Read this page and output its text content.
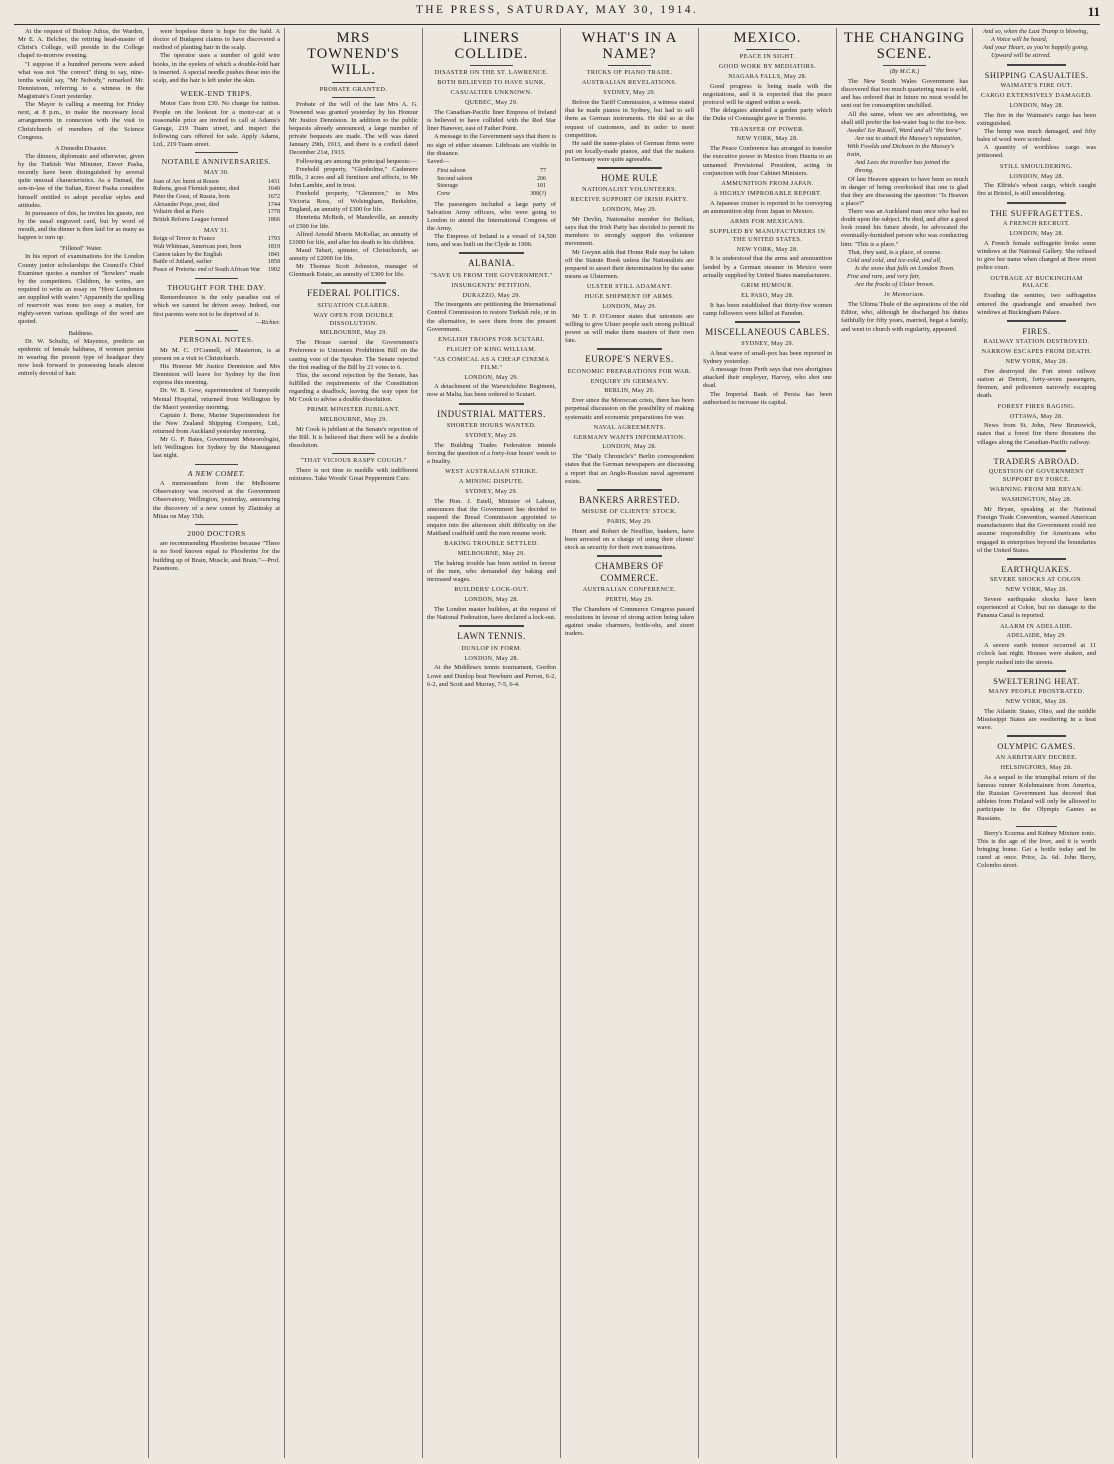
THE PRESS, SATURDAY, MAY 30, 1914.	11

At the request of Bishop Julius, the Warden, Mr E. A. Belcher, the retiring head-master of Christ's College, will preside in the College chapel to-morrow evening.

"I suppose if a hundred persons were asked what was not "the correct" thing to say, nine-tenths would say, "Mr Nobody," remarked Mr. Dennistoun, referring to a witness in the Magistrate's Court yesterday.

The Mayor is calling a meeting for Friday next, at 8 p.m., to make the necessary local arrangements in connexion with the visit to Christchurch of members of the Science Congress.

A Dunedin Disaster.

The dinners, diplomatic and otherwise, given by the Turkish War Minister, Enver Pasha, recently have been distinguished by several quite unusual characteristics. As a Damad, the son-in-law of the Sultan, Enver Pasha considers himself entitled to adopt peculiar styles and attitudes.

In pursuance of this, he invites his guests, not by the usual engraved card, but by word of mouth, and the dinner is then laid for as many as happen to turn up.

"Filleted" Water.

In his report of examinations for the London County junior scholarships the Council's Chief Examiner quotes a number of "howlers" made by the competitors. Children, he writes, are required to write an essay on "How Londoners are supplied with water." Apparently the spelling of reservoir was none too easy a matter, for eighty-seven various spellings of the word are quoted.

Baldness.

Dr. W. Schultz, of Mayence, predicts an epidemic of female baldness, if women persist in wearing the present type of headgear they now look forward to possessing heads almost entirely devoid of hair.

were hopeless there is hope for the bald. A doctor of Budapest claims to have discovered a method of planting hair in the scalp.

The operator uses a number of gold wire hooks, in the eyelets of which a double-fold hair is inserted. A special needle pushes these into the scalp, and the hair is left under the skin.

WEEK-END TRIPS.

Motor Cars from £30. No charge for tuition. People on the lookout for a motor-car at a reasonable price are invited to call at Adams's Garage, 219 Tuam street, and inspect the following cars offered for sale. Apply Adams, Ltd., 219 Tuam street.

NOTABLE ANNIVERSARIES.
MAY 30.
Joan of Arc burnt at Rouen	1431
Rubens, great Flemish painter, died	1640
Peter the Great, of Russia, born	1672
Alexander Pope, poet, died	1744
Voltaire died at Paris	1778
British Reform League formed	1866
MAY 31.
Reign of Terror in France	1793
Walt Whitman, American poet, born	1819
Canton taken by the English	1841
Battle of Jutland, earlier	1858
Peace of Pretoria: end of South African War 1902
THOUGHT FOR THE DAY.

Remembrance is the only paradise out of which we cannot be driven away. Indeed, our first parents were not to be deprived of it.

—Richter.
PERSONAL NOTES.

Mr M. C. O'Connell, of Masterton, is at present on a visit to Christchurch.

His Honour Mr Justice Denniston and Mrs Denniston will leave for Sydney by the first express this morning.

Dr. W. B. Gow, superintendent of Sunnyside Mental Hospital, returned from Wellington by the Maori yesterday morning.

Captain J. Bone, Marine Superintendent for the New Zealand Shipping Company, Ltd., returned from Auckland yesterday morning.

Mr G. P. Bates, Government Meteorologist, left Wellington for Sydney by the Manuganui last night.

A NEW COMET.

A memorandum from the Melbourne Observatory was received at the Government Observatory, Wellington, yesterday, announcing the discovery of a new comet by Zlatinsky at Mitau on May 15th.

2000 DOCTORS

are recommending Phosferine because "There is no food known equal to Phosferine for the building up of Brain, Muscle, and Brain."—Prof. Passmore.

MRS TOWNEND'S WILL.
PROBATE GRANTED.

Probate of the will of the late Mrs A. G. Townend was granted yesterday by his Honour Mr Justice Denniston. In addition to the public bequests already announced, a large number of private bequests are made. The will was dated January 29th, 1913, and there is a codicil dated December 21st, 1913.

Following are among the principal bequests:—

Freehold property, "Glenholme," Cashmere Hills, 3 acres and all furniture and effects, to Mr John Lambie, and in trust.

Freehold property, "Glenmore," to Mrs Victoria Ross, of Wolsingham, Berkshire, England, an annuity of £300 for life.

Henrietta McBeth, of Mandeville, an annuity of £500 for life.

Alfred Arnold Morris McKellar, an annuity of £1000 for life, and after his death to his children.

Maud Tabart, spinster, of Christchurch, an annuity of £2000 for life.

Mr Thomas Scott Johnston, manager of Glenmark Estate, an annuity of £300 for life.

FEDERAL POLITICS.
SITUATION CLEARER.
WAY OPEN FOR DOUBLE DISSOLUTION.
MELBOURNE, May 29.

The House carried the Government's Preference to Unionists Prohibition Bill on the casting vote of the Speaker. The Senate rejected the first reading of the Bill by 21 votes to 6.

This, the second rejection by the Senate, has fulfilled the requirements of the Constitution regarding a deadlock, leaving the way open for Mr Cook to advise a double dissolution.

PRIME MINISTER JUBILANT.
MELBOURNE, May 29.

Mr Cook is jubilant at the Senate's rejection of the Bill. It is believed that there will be a double dissolution.

"THAT VICIOUS RASPY COUGH."

There is not time to meddle with indifferent mixtures. Take Woods' Great Peppermint Cure.

LINERS COLLIDE.
DISASTER ON THE ST. LAWRENCE.
BOTH BELIEVED TO HAVE SUNK.
CASUALTIES UNKNOWN.
QUEBEC, May 29.

The Canadian-Pacific liner Empress of Ireland is believed to have collided with the Red Star liner Hanover, east of Father Point.

A message to the Government says that there is no sign of either steamer. Lifeboats are visible in the distance.

Saved—

First saloon	77
Second saloon	206
Steerage	101
Crew	300(?)

The passengers included a large party of Salvation Army officers, who were going to London to attend the International Congress of the Army.

The Empress of Ireland is a vessel of 14,500 tons, and was built on the Clyde in 1906.

ALBANIA.
"SAVE US FROM THE GOVERNMENT."
INSURGENTS' PETITION.
DURAZZO, May 29.

The insurgents are petitioning the International Control Commission to restore Turkish rule, or in the alternative, to save them from the present Government.

ENGLISH TROOPS FOR SCUTARI.
FLIGHT OF KING WILLIAM.
"AS COMICAL AS A CHEAP CINEMA FILM."
LONDON, May 29.

A detachment of the Warwickshire Regiment, now at Malta, has been ordered to Scutari.

INDUSTRIAL MATTERS.
SHORTER HOURS WANTED.
SYDNEY, May 29.

The Building Trades Federation intends forcing the question of a forty-four hours' week to a finality.

WEST AUSTRALIAN STRIKE.
A MINING DISPUTE.
SYDNEY, May 29.

The Hon. J. Estell, Minister of Labour, announces that the Government has decided to suspend the Bread Commission appointed to enquire into the afternoon shift difficulty on the Maitland coalfield until the men resume work.

BAKING TROUBLE SETTLED.
MELBOURNE, May 29.

The baking trouble has been settled in favour of the men, who demanded day baking and increased wages.

BUILDERS' LOCK-OUT.
LONDON, May 28.

The London master builders, at the request of the National Federation, have declared a lock-out.

LAWN TENNIS.
DUNLOP IN FORM.
LONDON, May 28.

At the Middlesex tennis tournament, Gordon Lowe and Dunlop beat Newburn and Perron, 6-2, 6-2, and Scott and Murray, 7-5, 6-4.

WHAT'S IN A NAME?
TRICKS OF PIANO TRADE.
AUSTRALIAN REVELATIONS.
SYDNEY, May 29.

Before the Tariff Commission, a witness stated that he made pianos in Sydney, but had to sell them as German instruments. He did so at the request of customers, and in order to meet competition.

He said the name-plates of German firms were put on locally-made pianos, and that the makers in Germany were quite agreeable.

HOME RULE
NATIONALIST VOLUNTEERS.
RECEIVE SUPPORT OF IRISH PARTY.
LONDON, May 29.

Mr Devlin, Nationalist member for Belfast, says that the Irish Party has decided to permit its members to strongly support the volunteer movement.

Mr Gwynn adds that Home Rule may be taken off the Statute Book unless the Nationalists are prepared to assert their determination by the same means as Ulstermen.

ULSTER STILL ADAMANT.
HUGE SHIPMENT OF ARMS.
LONDON, May 29.

Mr T. P. O'Connor states that unionists are willing to give Ulster people such strong political power as will make them masters of their own fate.

EUROPE'S NERVES.
ECONOMIC PREPARATIONS FOR WAR.
ENQUIRY IN GERMANY.
BERLIN, May 29.

Ever since the Moroccan crisis, there has been perpetual discussion on the possibility of making systematic and economic preparations for war.

NAVAL AGREEMENTS.
GERMANY WANTS INFORMATION.
LONDON, May 28.

The "Daily Chronicle's" Berlin correspondent states that the German newspapers are discussing a report that an Anglo-Russian naval agreement exists.

BANKERS ARRESTED.
MISUSE OF CLIENTS' STOCK.
PARIS, May 29.

Henri and Robert de Neuflize, bankers, have been arrested on a charge of using their clients' stock as security for their own transactions.

CHAMBERS OF COMMERCE.
AUSTRALIAN CONFERENCE.
PERTH, May 29.

The Chambers of Commerce Congress passed resolutions in favour of strong action being taken against snake charmers, bottle-ohs, and street traders.

MEXICO.
PEACE IN SIGHT.
GOOD WORK BY MEDIATORS.
NIAGARA FALLS, May 28.

Good progress is being made with the negotiations, and it is expected that the peace protocol will be signed within a week.

The delegates attended a garden party which the Duke of Connaught gave in Toronto.

TRANSFER OF POWER.
NEW YORK, May 28.

The Peace Conference has arranged to transfer the executive power in Mexico from Huerta to an unnamed Provisional President, acting in conjunction with four Cabinet Ministers.

AMMUNITION FROM JAPAN.
A HIGHLY IMPROBABLE REPORT.

A Japanese cruiser is reported to be conveying an ammunition ship from Japan to Mexico.

ARMS FOR MEXICANS.
SUPPLIED BY MANUFACTURERS IN THE UNITED STATES.
NEW YORK, May 28.

It is understood that the arms and ammunition landed by a German steamer in Mexico were actually supplied by United States manufacturers.

GRIM HUMOUR.
EL PASO, May 28.

It has been established that thirty-five women camp followers were killed at Paredon.

MISCELLANEOUS CABLES.
SYDNEY, May 29.

A heat wave of small-pox has been reported in Sydney yesterday.

A message from Perth says that two aborigines attacked their employer, Harvey, who shot one dead.

The Imperial Bank of Persia has been authorised to increase its capital.

THE CHANGING SCENE.
(By M.C.K.)

The New South Wales Government has discovered that too much quartering meat is sold, and has ordered that in future no meat would be sent out for consumption unchilled.

All the same, when we are advertising, we shall still prefer the hot-water bag to the ice-box.

Awake! Ice Russell, Ward and all "the brew"
Are out to attack the Massey's reputation,
With Fowlds and Dickson in the Massey's train,
And Lees the traveller has joined the throng.

Of late Heaven appears to have been so much in danger of being overlooked that one is glad that they are discussing the question: "Is Heaven a place?"

There was an Auckland man once who had no doubt upon the subject. He died, and after a good look round his future abode, he advocated the eventually-furnished person who was conducting him: "This is a place."

That, they said, is a place, of course.

Cold and cold, and ice-cold, and all,
Is the snow that falls on London Town.
Fine and rare, and very fair,
Are the frocks of Ulster brown.
In Memoriam.

The Ultima Thule of the aspirations of the old Editor, who, although he discharged his duties faithfully for fifty years, married, begat a family, and went to church with regularity, appeared.

And so, when the Last Trump is blowing,
A Voice will be heard,
And your Heart, as you're happily going,
Upward will be stirred.
SHIPPING CASUALTIES.
WAIMATE'S FIRE OUT.
CARGO EXTENSIVELY DAMAGED.
LONDON, May 28.

The fire in the Waimate's cargo has been extinguished.

The hemp was much damaged, and fifty bales of wool were scorched.

A quantity of worthless cargo was jettisoned.

STILL SMOULDERING.
LONDON, May 28.

The Elfrida's wheat cargo, which caught fire at Bristol, is still smouldering.

THE SUFFRAGETTES.
A FRENCH RECRUIT.
LONDON, May 28.

A French female suffragette broke some windows at the National Gallery. She refused to give her name when charged at Bow street police court.

OUTRAGE AT BUCKINGHAM PALACE.

Evading the sentries, two suffragettes entered the quadrangle and smashed two windows at Buckingham Palace.

FIRES.
RAILWAY STATION DESTROYED.
NARROW ESCAPES FROM DEATH.
NEW YORK, May 28.

Fire destroyed the Fort street railway station at Detroit, forty-seven passengers, firemen, and policemen narrowly escaping death.

FOREST FIRES RAGING.
OTTAWA, May 28.

News from St. John, New Brunswick, states that a forest fire there threatens the villages along the Canadian-Pacific railway.

TRADERS ABROAD.
QUESTION OF GOVERNMENT SUPPORT BY FORCE.
WARNING FROM MR BRYAN.
WASHINGTON, May 28.

Mr Bryan, speaking at the National Foreign Trade Convention, warned American manufacturers that the Government could not assume responsibility for Americans who engaged in enterprises beyond the boundaries of the United States.

EARTHQUAKES.
SEVERE SHOCKS AT COLON.
NEW YORK, May 28.

Severe earthquake shocks have been experienced at Colon, but no damage to the Panama Canal is reported.

ALARM IN ADELAIDE.
ADELAIDE, May 29.

A severe earth tremor occurred at 11 o'clock last night. Houses were shaken, and people rushed into the streets.

SWELTERING HEAT.
MANY PEOPLE PROSTRATED.
NEW YORK, May 28.

The Atlantic States, Ohio, and the middle Mississippi States are sweltering in a heat wave.

OLYMPIC GAMES.
AN ARBITRARY DECREE.
HELSINGFORS, May 28.

As a sequel to the triumphal return of the famous runner Kolehmainen from America, the Russian Government has decreed that athletes from Finland will only be allowed to participate in the Olympic Games as Russians.

Berry's Eczema and Kidney Mixture tonic. This is the age of the liver, and it is worth bringing home. Get a bottle today and be cured at once. Price, 2s. 6d. John Berry, Colombo street.
